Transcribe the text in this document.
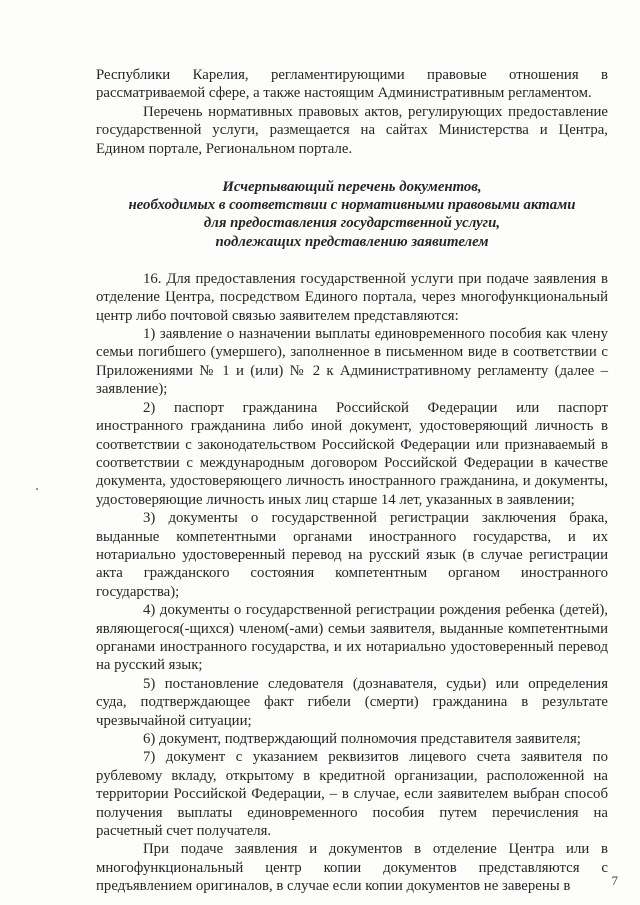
Республики Карелия, регламентирующими правовые отношения в рассматриваемой сфере, а также настоящим Административным регламентом.

Перечень нормативных правовых актов, регулирующих предоставление государственной услуги, размещается на сайтах Министерства и Центра, Едином портале, Региональном портале.

Исчерпывающий перечень документов,
необходимых в соответствии с нормативными правовыми актами
для предоставления государственной услуги,
подлежащих представлению заявителем

16. Для предоставления государственной услуги при подаче заявления в отделение Центра, посредством Единого портала, через многофункциональный центр либо почтовой связью заявителем представляются:

1) заявление о назначении выплаты единовременного пособия как члену семьи погибшего (умершего), заполненное в письменном виде в соответствии с Приложениями № 1 и (или) № 2 к Административному регламенту (далее – заявление);

2) паспорт гражданина Российской Федерации или паспорт иностранного гражданина либо иной документ, удостоверяющий личность в соответствии с законодательством Российской Федерации или признаваемый в соответствии с международным договором Российской Федерации в качестве документа, удостоверяющего личность иностранного гражданина, и документы, удостоверяющие личность иных лиц старше 14 лет, указанных в заявлении;

3) документы о государственной регистрации заключения брака, выданные компетентными органами иностранного государства, и их нотариально удостоверенный перевод на русский язык (в случае регистрации акта гражданского состояния компетентным органом иностранного государства);

4) документы о государственной регистрации рождения ребенка (детей), являющегося(-щихся) членом(-ами) семьи заявителя, выданные компетентными органами иностранного государства, и их нотариально удостоверенный перевод на русский язык;

5) постановление следователя (дознавателя, судьи) или определения суда, подтверждающее факт гибели (смерти) гражданина в результате чрезвычайной ситуации;

6) документ, подтверждающий полномочия представителя заявителя;

7) документ с указанием реквизитов лицевого счета заявителя по рублевому вкладу, открытому в кредитной организации, расположенной на территории Российской Федерации, – в случае, если заявителем выбран способ получения выплаты единовременного пособия путем перечисления на расчетный счет получателя.

При подаче заявления и документов в отделение Центра или в многофункциональный центр копии документов представляются с предъявлением оригиналов, в случае если копии документов не заверены в	7
